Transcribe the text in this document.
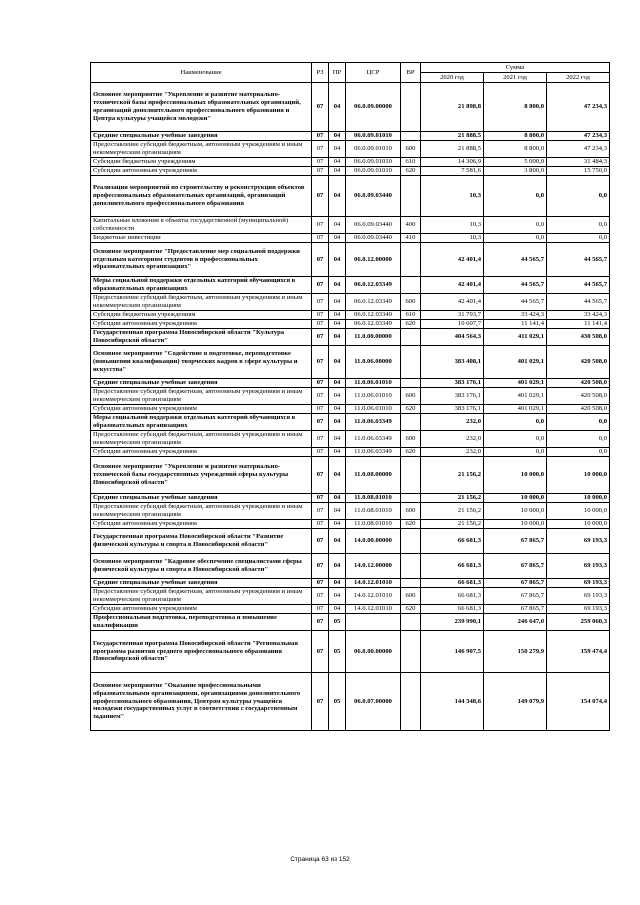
Наименование	РЗ	ПР	ЦСР	ВР	Сумма		
					2020 год	2021 год	2022 год
Основное мероприятие "Укрепление и развитие материально-технической базы профессиональных образовательных организаций, организаций дополнительного профессионального образования и Центра культуры учащейся молодежи"	07	04	06.0.09.00000		21 898,8	8 800,0	47 234,3
Средние специальные учебные заведения	07	04	06.0.09.01010		21 888,5	8 800,0	47 234,3
Предоставление субсидий бюджетным, автономным учреждениям и иным некоммерческим организациям	07	04	06.0.09.01010	600	21 888,5	8 800,0	47 234,3
Субсидии бюджетным учреждениям	07	04	06.0.09.01010	610	14 306,9	5 000,0	31 484,3
Субсидии автономным учреждениям	07	04	06.0.09.01010	620	7 581,6	3 800,0	15 750,0
Реализация мероприятий по строительству и реконструкции объектов профессиональных образовательных организаций, организаций дополнительного профессионального образования	07	04	06.0.09.03440		10,3	0,0	0,0
Капитальные вложения в объекты государственной (муниципальной) собственности	07	04	06.0.09.03440	400	10,3	0,0	0,0
Бюджетные инвестиции	07	04	06.0.09.03440	410	10,3	0,0	0,0
Основное мероприятие "Предоставление мер социальной поддержки отдельным категориям студентов в профессиональных образовательных организациях"	07	04	06.0.12.00000		42 401,4	44 565,7	44 565,7
Меры социальной поддержки отдельных категорий обучающихся в образовательных организациях	07	04	06.0.12.03349		42 401,4	44 565,7	44 565,7
Предоставление субсидий бюджетным, автономным учреждениям и иным некоммерческим организациям	07	04	06.0.12.03349	600	42 401,4	44 565,7	44 565,7
Субсидии бюджетным учреждениям	07	04	06.0.12.03349	610	31 793,7	33 424,3	33 424,3
Субсидии автономным учреждениям	07	04	06.0.12.03349	620	10 607,7	11 141,4	11 141,4
Государственная программа Новосибирской области "Культура Новосибирской области"	07	04	11.0.00.00000		404 564,3	411 029,1	430 508,0
Основное мероприятие "Содействие в подготовке, переподготовке (повышении квалификации) творческих кадров в сфере культуры и искусства"	07	04	11.0.06.00000		383 408,1	401 029,1	420 508,0
Средние специальные учебные заведения	07	04	11.0.06.01010		383 176,1	401 029,1	420 508,0
Предоставление субсидий бюджетным, автономным учреждениям и иным некоммерческим организациям	07	04	11.0.06.01010	600	383 176,1	401 029,1	420 508,0
Субсидии автономным учреждениям	07	04	11.0.06.01010	620	383 176,1	401 029,1	420 508,0
Меры социальной поддержки отдельных категорий обучающихся в образовательных организациях	07	04	11.0.06.03349		232,0	0,0	0,0
Предоставление субсидий бюджетным, автономным учреждениям и иным некоммерческим организациям	07	04	11.0.06.03349	600	232,0	0,0	0,0
Субсидии автономным учреждениям	07	04	11.0.06.03349	620	232,0	0,0	0,0
Основное мероприятие "Укрепление и развитие материально-технической базы государственных учреждений сферы культуры Новосибирской области"	07	04	11.0.08.00000		21 156,2	10 000,0	10 000,0
Средние специальные учебные заведения	07	04	11.0.08.01010		21 156,2	10 000,0	10 000,0
Предоставление субсидий бюджетным, автономным учреждениям и иным некоммерческим организациям	07	04	11.0.08.01010	600	21 156,2	10 000,0	10 000,0
Субсидии автономным учреждениям	07	04	11.0.08.01010	620	21 156,2	10 000,0	10 000,0
Государственная программа Новосибирской области "Развитие физической культуры и спорта в Новосибирской области"	07	04	14.0.00.00000		66 681,3	67 865,7	69 193,3
Основное мероприятие "Кадровое обеспечение специалистами сферы физической культуры и спорта в Новосибирской области"	07	04	14.0.12.00000		66 681,3	67 865,7	69 193,3
Средние специальные учебные заведения	07	04	14.0.12.01010		66 681,3	67 865,7	69 193,3
Предоставление субсидий бюджетным, автономным учреждениям и иным некоммерческим организациям	07	04	14.0.12.01010	600	66 681,3	67 865,7	69 193,3
Субсидии автономным учреждениям	07	04	14.0.12.01010	620	66 681,3	67 865,7	69 193,3
Профессиональная подготовка, переподготовка и повышение квалификации	07	05			239 990,1	246 647,0	259 060,3
Государственная программа Новосибирской области "Региональная программа развития среднего профессионального образования Новосибирской области"	07	05	06.0.00.00000		146 907,5	150 279,9	159 474,4
Основное мероприятие "Оказание профессиональными образовательными организациями, организациями дополнительного профессионального образования, Центром культуры учащейся молодежи государственных услуг в соответствии с государственным заданием"	07	05	06.0.07.00000		144 348,6	149 079,9	154 074,4
Страница 63 из 152
